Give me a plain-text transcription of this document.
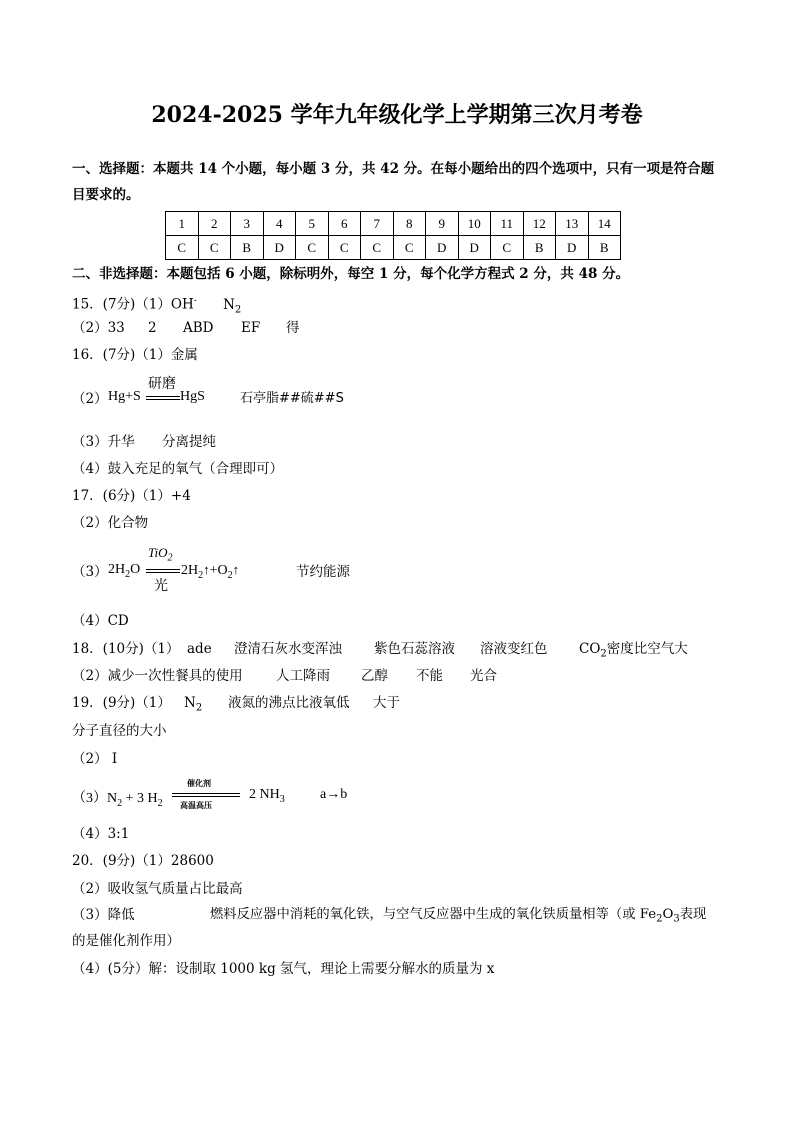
2024-2025 学年九年级化学上学期第三次月考卷
一、选择题：本题共 14 个小题，每小题 3 分，共 42 分。在每小题给出的四个选项中，只有一项是符合题
目要求的。
1	2	3	4	5	6	7	8	9	10	11	12	13	14
C	C	B	D	C	C	C	C	D	D	C	B	D	B
二、非选择题：本题包括 6 小题，除标明外，每空 1 分，每个化学方程式 2 分，共 48 分。
15．(7分)（1）OH- $N_2$
（2）33 2 ABD EF 得
16．(7分)（1）金属
（2） Hg+S
研磨
HgS	石亭脂##硫##S
（3）升华 分离提纯
（4）鼓入充足的氧气（合理即可）
17．(6分)（1）+4
（2）化合物
（3） $2H_2O$
TiO$_2$
光
$2H_2↑+O_2↑$	节约能源
（4）CD
18．(10分)（1） ade 澄清石灰水变浑浊 紫色石蕊溶液 溶液变红色 $CO_2$密度比空气大
（2）减少一次性餐具的使用 人工降雨 乙醇 不能 光合
19．(9分)（1） $N_2$ 液氮的沸点比液氧低 大于
分子直径的大小
（2） I
$(3)N_2 + 3$ $H_2$
催化剂
高温高压
2 $NH_3$	a→b
（4）3:1
20．(9分)（1）28600
（2）吸收氢气质量占比最高
（3）降低	燃料反应器中消耗的氧化铁，与空气反应器中生成的氧化铁质量相等（或 $Fe_2O_3$表现
的是催化剂作用）
（4）(5分）解：设制取 1000 kg 氢气，理论上需要分解水的质量为 x
